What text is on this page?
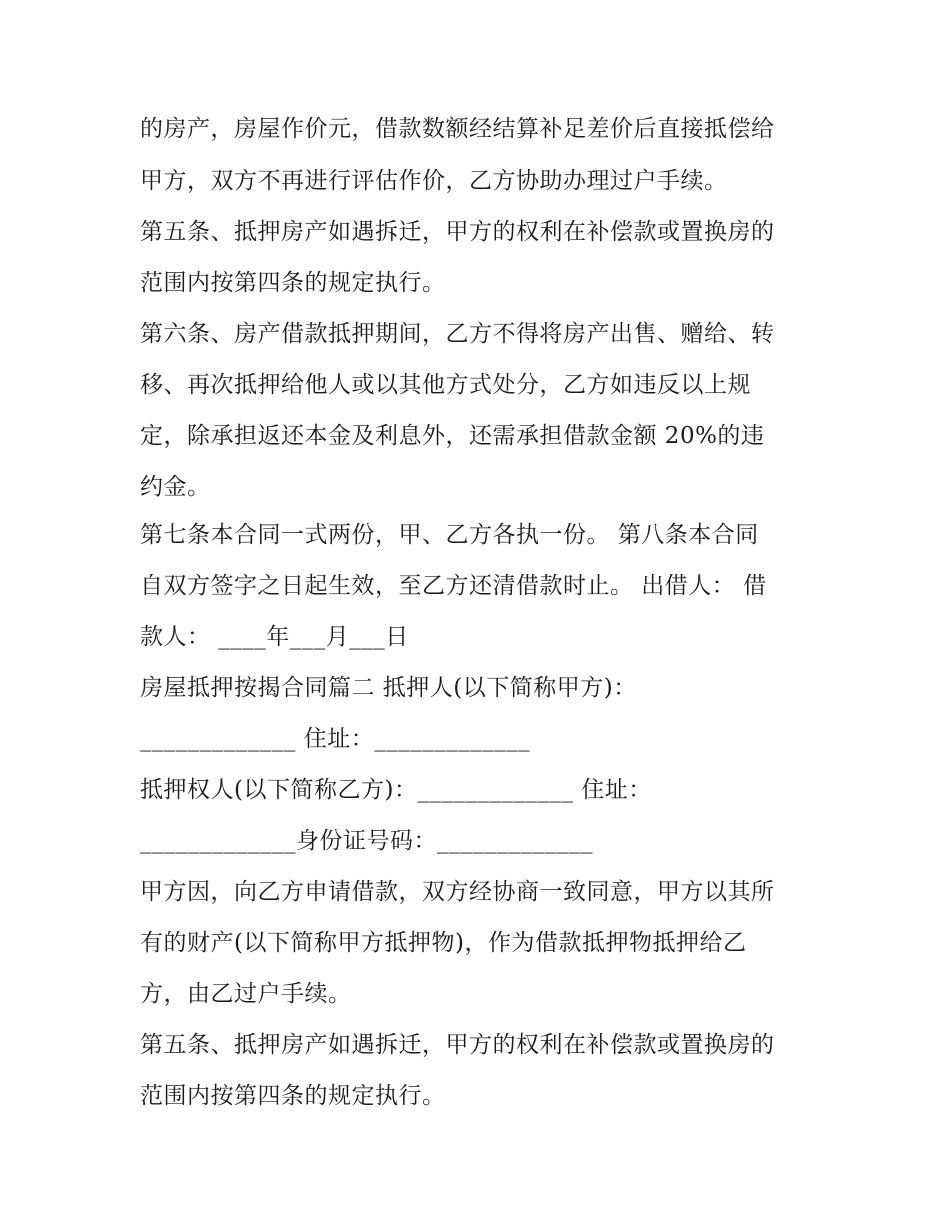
的房产，房屋作价元，借款数额经结算补足差价后直接抵偿给
甲方，双方不再进行评估作价，乙方协助办理过户手续。
第五条、抵押房产如遇拆迁，甲方的权利在补偿款或置换房的
范围内按第四条的规定执行。
第六条、房产借款抵押期间，乙方不得将房产出售、赠给、转
移、再次抵押给他人或以其他方式处分，乙方如违反以上规
定，除承担返还本金及利息外，还需承担借款金额 20%的违
约金。
第七条本合同一式两份，甲、乙方各执一份。 第八条本合同
自双方签字之日起生效，至乙方还清借款时止。 出借人： 借
款人： ____年___月___日
房屋抵押按揭合同篇二 抵押人(以下简称甲方)：
_____________ 住址：_____________
抵押权人(以下简称乙方)：_____________ 住址：
_____________身份证号码：_____________
甲方因，向乙方申请借款，双方经协商一致同意，甲方以其所
有的财产(以下简称甲方抵押物)，作为借款抵押物抵押给乙
方，由乙过户手续。
第五条、抵押房产如遇拆迁，甲方的权利在补偿款或置换房的
范围内按第四条的规定执行。
